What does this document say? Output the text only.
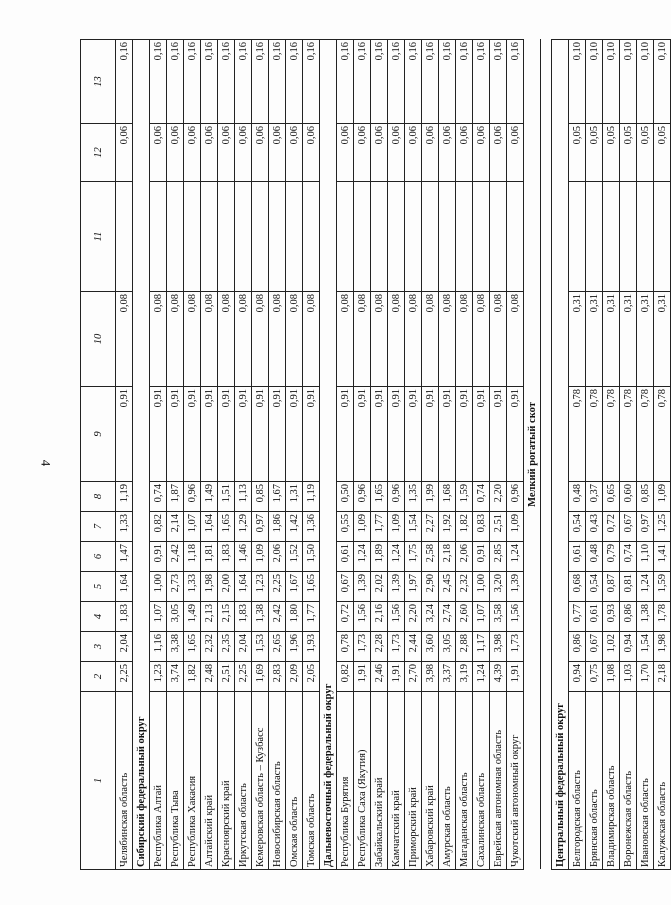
4
1	2	3	4	5	6	7	8	9	10	11	12	13	
Челябинская область	2,25	2,04	1,83	1,64	1,47	1,33	1,19	0,91	0,08		0,06	0,16	
Сибирский федеральный округ													
Республика Алтай	1,23	1,16	1,07	1,00	0,91	0,82	0,74	0,91	0,08		0,06	0,16	
Республика Тыва	3,74	3,38	3,05	2,73	2,42	2,14	1,87	0,91	0,08		0,06	0,16	
Республика Хакасия	1,82	1,65	1,49	1,33	1,18	1,07	0,96	0,91	0,08		0,06	0,16	
Алтайский край	2,48	2,32	2,13	1,98	1,81	1,64	1,49	0,91	0,08		0,06	0,16	
Красноярский край	2,51	2,35	2,15	2,00	1,83	1,65	1,51	0,91	0,08		0,06	0,16	
Иркутская область	2,25	2,04	1,83	1,64	1,46	1,29	1,13	0,91	0,08		0,06	0,16	
Кемеровская область – Кузбасс	1,69	1,53	1,38	1,23	1,09	0,97	0,85	0,91	0,08		0,06	0,16	
Новосибирская область	2,83	2,65	2,42	2,25	2,06	1,86	1,67	0,91	0,08		0,06	0,16	
Омская область	2,09	1,96	1,80	1,67	1,52	1,42	1,31	0,91	0,08		0,06	0,16	
Томская область	2,05	1,93	1,77	1,65	1,50	1,36	1,19	0,91	0,08		0,06	0,16	
Дальневосточный федеральный округ													
Республика Бурятия	0,82	0,78	0,72	0,67	0,61	0,55	0,50	0,91	0,08		0,06	0,16	
Республика Саха (Якутия)	1,91	1,73	1,56	1,39	1,24	1,09	0,96	0,91	0,08		0,06	0,16	
Забайкальский край	2,46	2,28	2,16	2,02	1,89	1,77	1,65	0,91	0,08		0,06	0,16	
Камчатский край	1,91	1,73	1,56	1,39	1,24	1,09	0,96	0,91	0,08		0,06	0,16	
Приморский край	2,70	2,44	2,20	1,97	1,75	1,54	1,35	0,91	0,08		0,06	0,16	
Хабаровский край	3,98	3,60	3,24	2,90	2,58	2,27	1,99	0,91	0,08		0,06	0,16	
Амурская область	3,37	3,05	2,74	2,45	2,18	1,92	1,68	0,91	0,08		0,06	0,16	
Магаданская область	3,19	2,88	2,60	2,32	2,06	1,82	1,59	0,91	0,08		0,06	0,16	
Сахалинская область	1,24	1,17	1,07	1,00	0,91	0,83	0,74	0,91	0,08		0,06	0,16	
Еврейская автономная область	4,39	3,98	3,58	3,20	2,85	2,51	2,20	0,91	0,08		0,06	0,16	
Чукотский автономный округ	1,91	1,73	1,56	1,39	1,24	1,09	0,96	0,91	0,08		0,06	0,16	
Мелкий рогатый скот													

Центральный федеральный округ													
Белгородская область	0,94	0,86	0,77	0,68	0,61	0,54	0,48	0,78	0,31		0,05	0,10	
Брянская область	0,75	0,67	0,61	0,54	0,48	0,43	0,37	0,78	0,31		0,05	0,10	
Владимирская область	1,08	1,02	0,93	0,87	0,79	0,72	0,65	0,78	0,31		0,05	0,10	
Воронежская область	1,03	0,94	0,86	0,81	0,74	0,67	0,60	0,78	0,31		0,05	0,10	
Ивановская область	1,70	1,54	1,38	1,24	1,10	0,97	0,85	0,78	0,31		0,05	0,10	
Калужская область	2,18	1,98	1,78	1,59	1,41	1,25	1,09	0,78	0,31		0,05	0,10	
